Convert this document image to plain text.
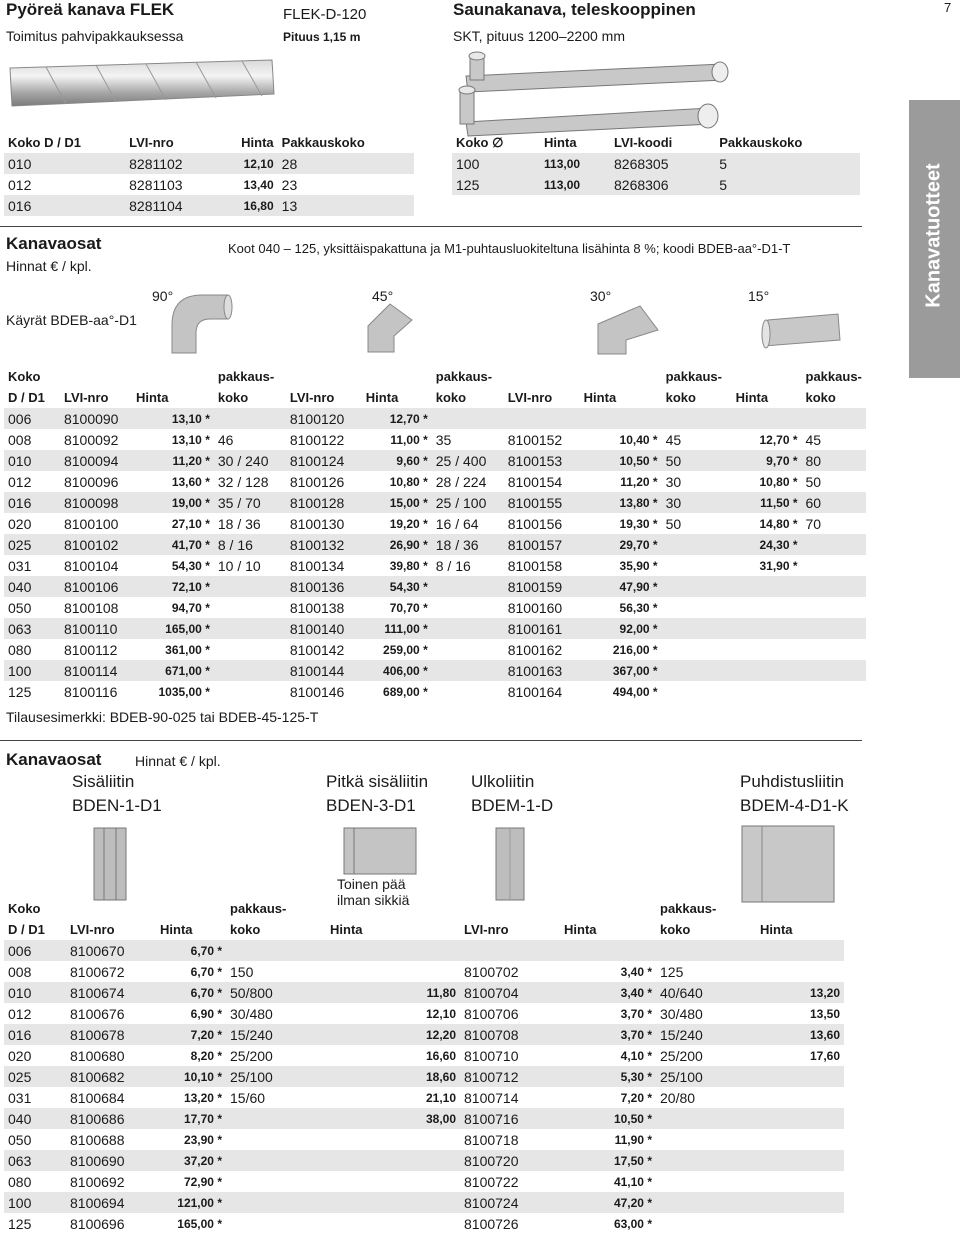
Pyöreä kanava FLEK
Toimitus pahvipakkauksessa
FLEK-D-120
Pituus 1,15 m
Saunakanava, teleskooppinen
SKT, pituus 1200–2200 mm
7
Koko D / D1	LVI-nro	Hinta	Pakkauskoko
010	8281102	12,10	28
012	8281103	13,40	23
016	8281104	16,80	13
Koko ∅	Hinta	LVI-koodi	Pakkauskoko
100	113,00	8268305	5
125	113,00	8268306	5	Kanavatuotteet
Kanavaosat
Hinnat € / kpl.
Koot 040 – 125, yksittäispakattuna ja M1-puhtausluokiteltuna lisähinta 8 %; koodi BDEB-aa°-D1-T
Käyrät BDEB-aa°-D1
90°	45°	30°	15°
Koko			pakkaus-			pakkaus-			pakkaus-		pakkaus-
D / D1	LVI-nro	Hinta	koko	LVI-nro	Hinta	koko	LVI-nro	Hinta	koko	Hinta	koko
006	8100090	13,10 *		8100120	12,70 *						
008	8100092	13,10 *	46	8100122	11,00 *	35	8100152	10,40 *	45	12,70 *	45
010	8100094	11,20 *	30 / 240	8100124	9,60 *	25 / 400	8100153	10,50 *	50	9,70 *	80
012	8100096	13,60 *	32 / 128	8100126	10,80 *	28 / 224	8100154	11,20 *	30	10,80 *	50
016	8100098	19,00 *	35 / 70	8100128	15,00 *	25 / 100	8100155	13,80 *	30	11,50 *	60
020	8100100	27,10 *	18 / 36	8100130	19,20 *	16 / 64	8100156	19,30 *	50	14,80 *	70
025	8100102	41,70 *	8 / 16	8100132	26,90 *	18 / 36	8100157	29,70 *		24,30 *	
031	8100104	54,30 *	10 / 10	8100134	39,80 *	8 / 16	8100158	35,90 *		31,90 *	
040	8100106	72,10 *		8100136	54,30 *		8100159	47,90 *			
050	8100108	94,70 *		8100138	70,70 *		8100160	56,30 *			
063	8100110	165,00 *		8100140	111,00 *		8100161	92,00 *			
080	8100112	361,00 *		8100142	259,00 *		8100162	216,00 *			
100	8100114	671,00 *		8100144	406,00 *		8100163	367,00 *			
125	8100116	1035,00 *		8100146	689,00 *		8100164	494,00 *			
Tilausesimerkki: BDEB-90-025 tai BDEB-45-125-T
Kanavaosat Hinnat € / kpl.
Sisäliitin
BDEN-1-D1
Pitkä sisäliitin
BDEN-3-D1
Ulkoliitin
BDEM-1-D
Puhdistusliitin
BDEM-4-D1-K
Toinen pää ilman sikkiä
Koko			pakkaus-				pakkaus-	
D / D1	LVI-nro	Hinta	koko	Hinta	LVI-nro	Hinta	koko	Hinta
006	8100670	6,70 *						
008	8100672	6,70 *	150		8100702	3,40 *	125	
010	8100674	6,70 *	50/800	11,80	8100704	3,40 *	40/640	13,20
012	8100676	6,90 *	30/480	12,10	8100706	3,70 *	30/480	13,50
016	8100678	7,20 *	15/240	12,20	8100708	3,70 *	15/240	13,60
020	8100680	8,20 *	25/200	16,60	8100710	4,10 *	25/200	17,60
025	8100682	10,10 *	25/100	18,60	8100712	5,30 *	25/100	
031	8100684	13,20 *	15/60	21,10	8100714	7,20 *	20/80	
040	8100686	17,70 *		38,00	8100716	10,50 *		
050	8100688	23,90 *			8100718	11,90 *		
063	8100690	37,20 *			8100720	17,50 *		
080	8100692	72,90 *			8100722	41,10 *		
100	8100694	121,00 *			8100724	47,20 *		
125	8100696	165,00 *			8100726	63,00 *		
